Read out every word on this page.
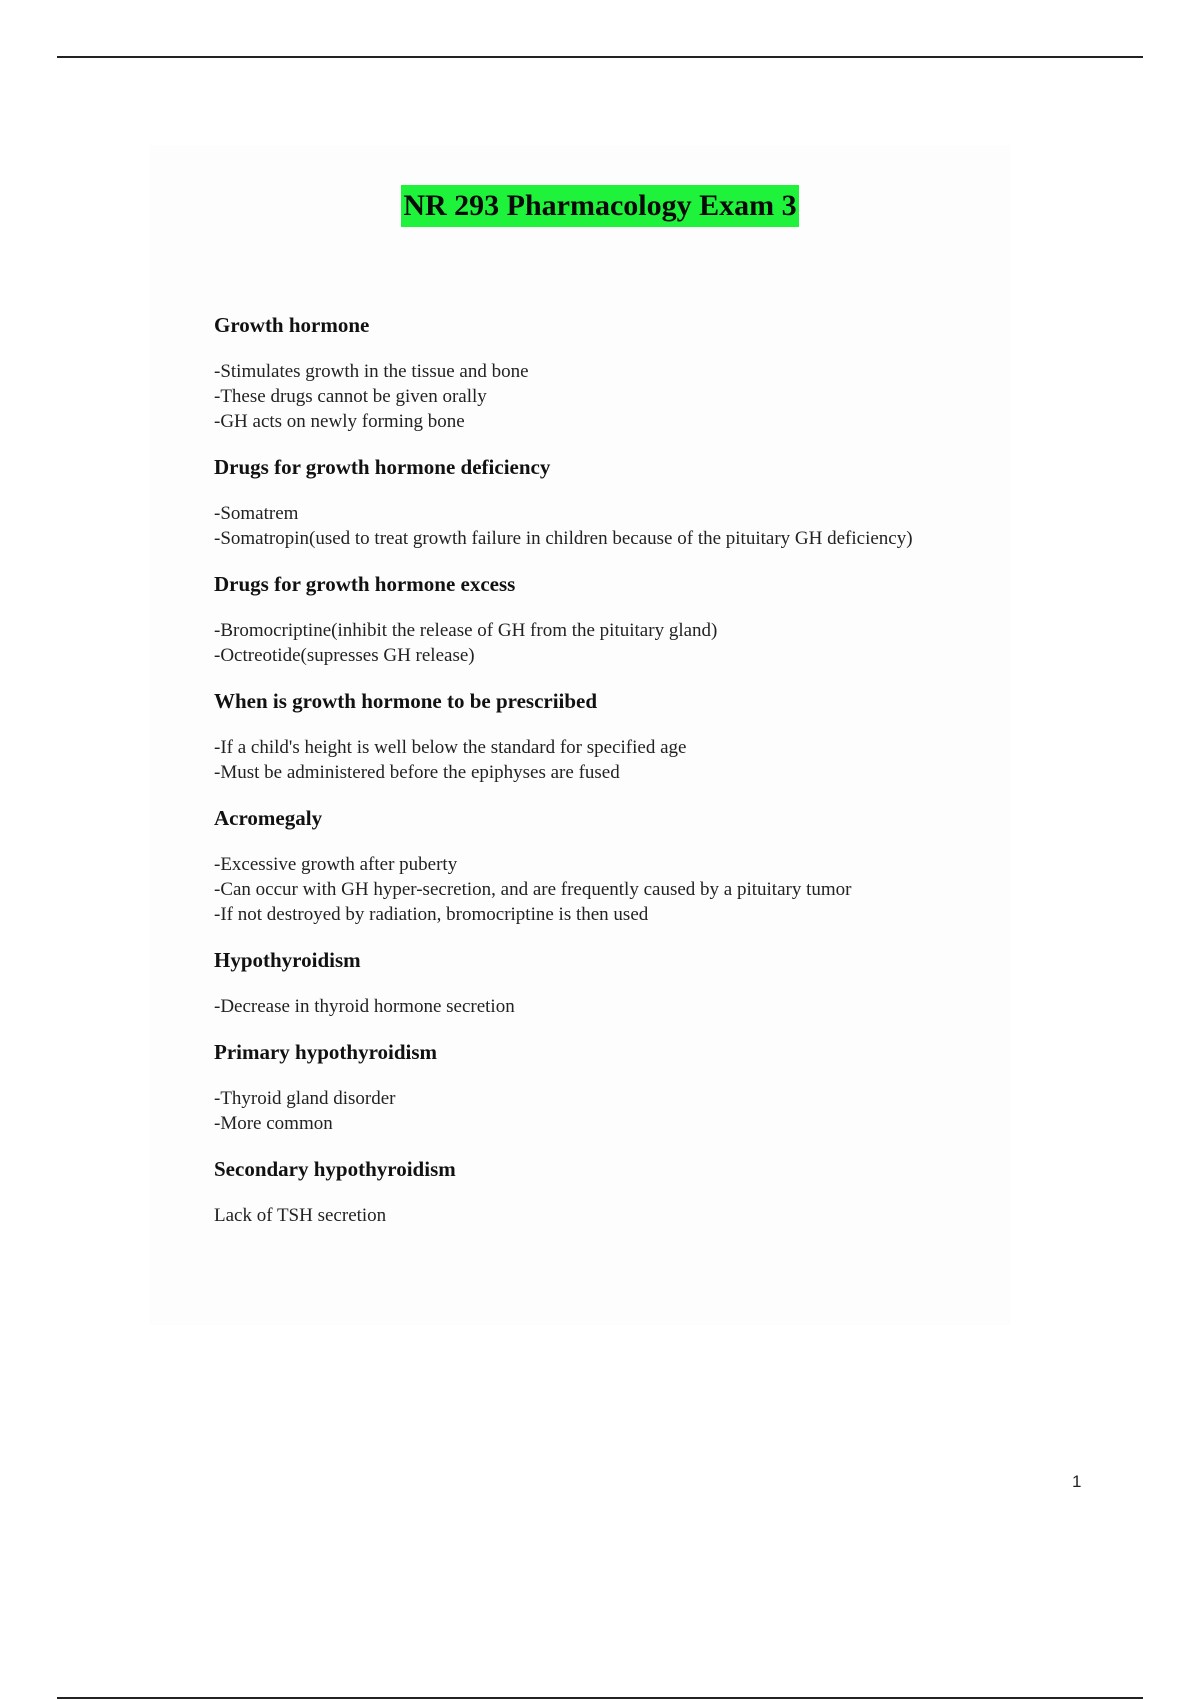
NR 293 Pharmacology Exam 3
Growth hormone
-Stimulates growth in the tissue and bone
-These drugs cannot be given orally
-GH acts on newly forming bone
Drugs for growth hormone deficiency
-Somatrem
-Somatropin(used to treat growth failure in children because of the pituitary GH deficiency)
Drugs for growth hormone excess
-Bromocriptine(inhibit the release of GH from the pituitary gland)
-Octreotide(supresses GH release)
When is growth hormone to be prescriibed
-If a child's height is well below the standard for specified age
-Must be administered before the epiphyses are fused
Acromegaly
-Excessive growth after puberty
-Can occur with GH hyper-secretion, and are frequently caused by a pituitary tumor
-If not destroyed by radiation, bromocriptine is then used
Hypothyroidism
-Decrease in thyroid hormone secretion
Primary hypothyroidism
-Thyroid gland disorder
-More common
Secondary hypothyroidism
Lack of TSH secretion
1
